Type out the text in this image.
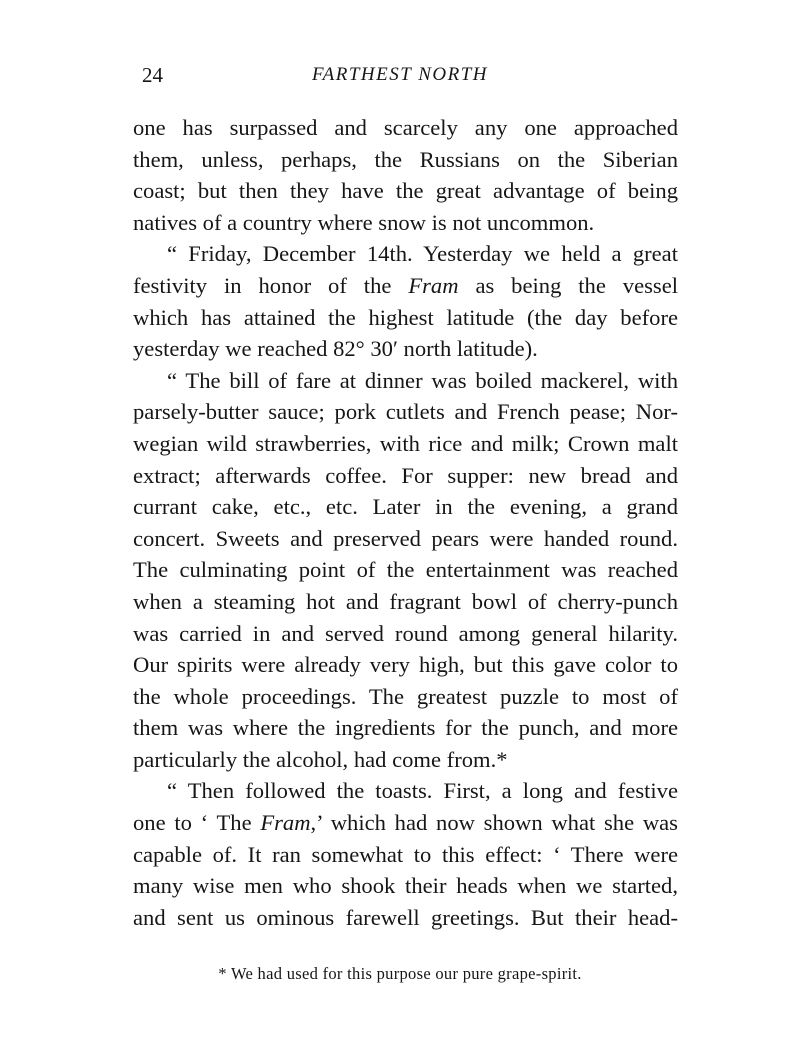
24	FARTHEST NORTH
one has surpassed and scarcely any one approached
them, unless, perhaps, the Russians on the Siberian
coast; but then they have the great advantage of being
natives of a country where snow is not uncommon.
“ Friday, December 14th. Yesterday we held a great
festivity in honor of the Fram as being the vessel
which has attained the highest latitude (the day before
yesterday we reached 82° 30′ north latitude).
“ The bill of fare at dinner was boiled mackerel, with
parsely-butter sauce; pork cutlets and French pease; Nor-
wegian wild strawberries, with rice and milk; Crown malt
extract; afterwards coffee. For supper: new bread and
currant cake, etc., etc. Later in the evening, a grand
concert. Sweets and preserved pears were handed round.
The culminating point of the entertainment was reached
when a steaming hot and fragrant bowl of cherry-punch
was carried in and served round among general hilarity.
Our spirits were already very high, but this gave color to
the whole proceedings. The greatest puzzle to most of
them was where the ingredients for the punch, and more
particularly the alcohol, had come from.*
“ Then followed the toasts. First, a long and festive
one to ‘ The Fram,’ which had now shown what she was
capable of. It ran somewhat to this effect: ‘ There were
many wise men who shook their heads when we started,
and sent us ominous farewell greetings. But their head-
* We had used for this purpose our pure grape-spirit.
